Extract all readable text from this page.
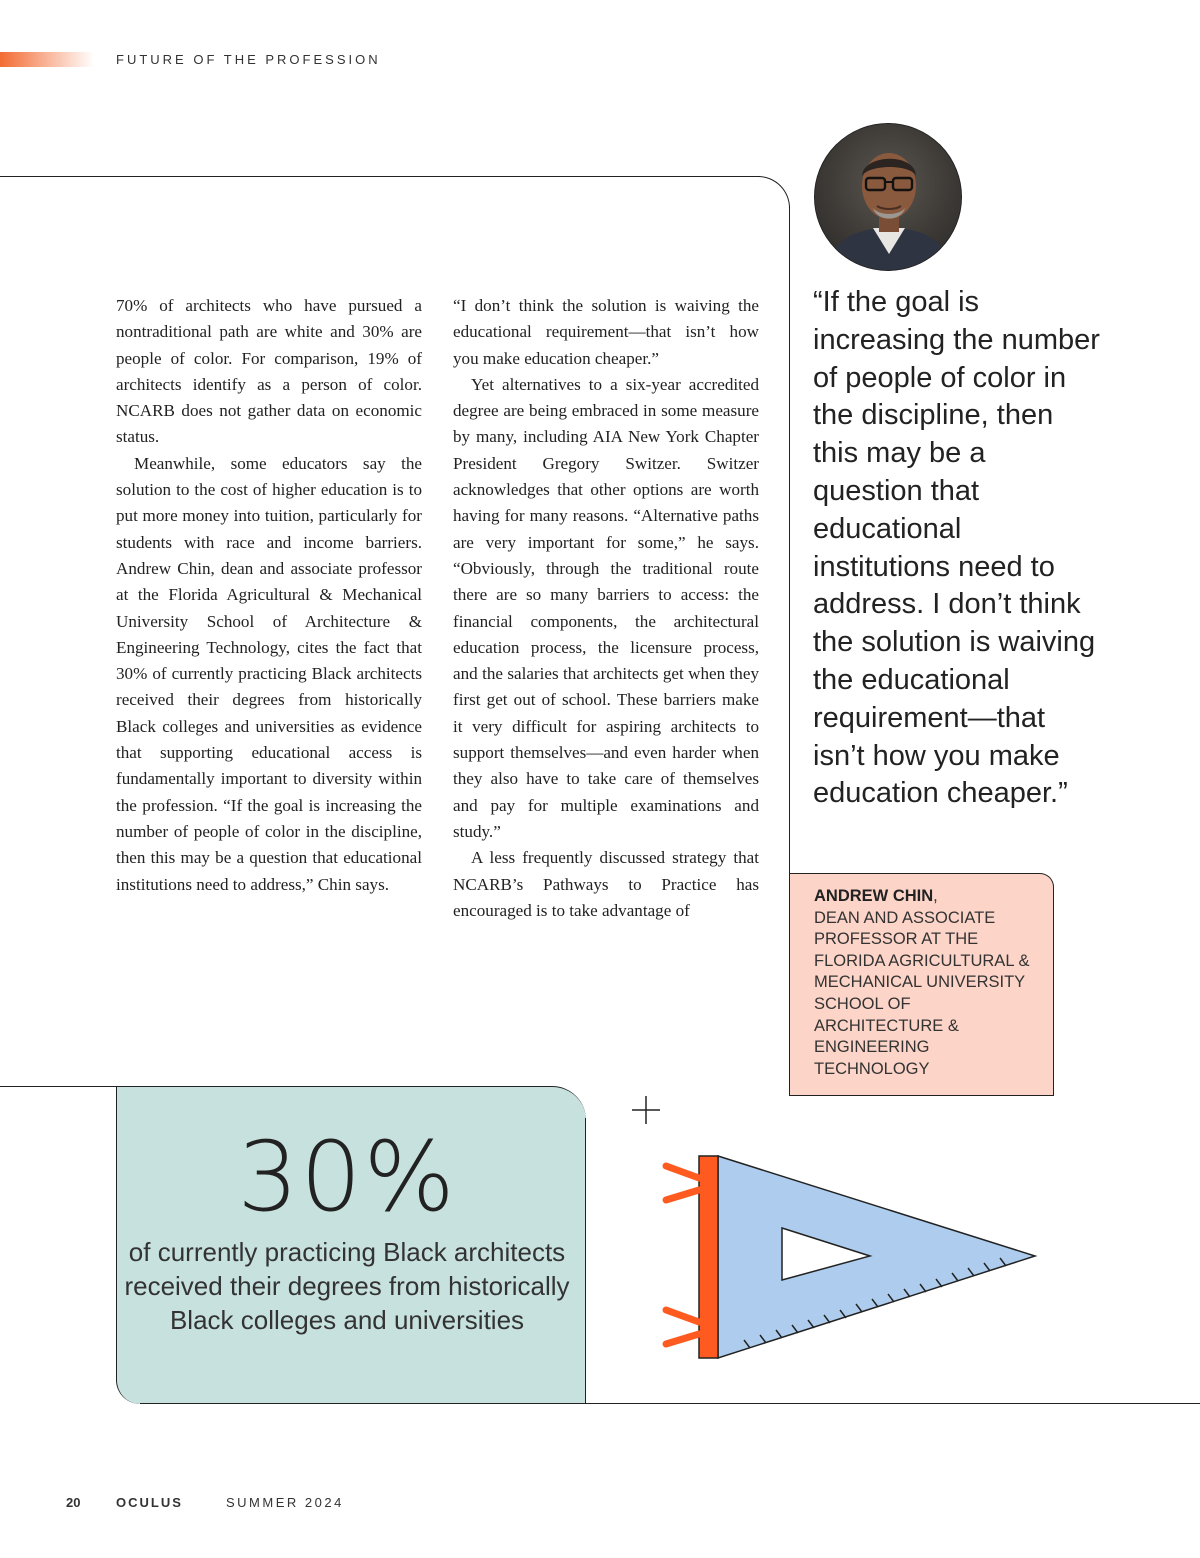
FUTURE OF THE PROFESSION

70% of architects who have pursued a nontraditional path are white and 30% are people of color. For comparison, 19% of architects identify as a person of color. NCARB does not gather data on economic status.

Meanwhile, some educators say the solution to the cost of higher education is to put more money into tuition, particularly for students with race and income barriers. Andrew Chin, dean and associate professor at the Florida Agricultural & Mechanical University School of Architecture & Engineering Technology, cites the fact that 30% of currently practicing Black architects received their degrees from historically Black colleges and universities as evidence that supporting educational access is fundamentally important to diversity within the profession. “If the goal is increasing the number of people of color in the discipline, then this may be a question that educational institutions need to address,” Chin says.

“I don’t think the solution is waiving the educational requirement—that isn’t how you make education cheaper.”

Yet alternatives to a six-year accredited degree are being embraced in some measure by many, including AIA New York Chapter President Gregory Switzer. Switzer acknowledges that other options are worth having for many reasons. “Alternative paths are very important for some,” he says. “Obviously, through the traditional route there are so many barriers to access: the financial components, the architectural education process, the licensure process, and the salaries that architects get when they first get out of school. These barriers make it very difficult for aspiring architects to support themselves—and even harder when they also have to take care of themselves and pay for multiple examinations and study.”

A less frequently discussed strategy that NCARB’s Pathways to Practice has encouraged is to take advantage of

“If the goal is increasing the number of people of color in the discipline, then this may be a question that educational institutions need to address. I don’t think the solution is waiving the educational requirement—that isn’t how you make education cheaper.”

ANDREW CHIN,
DEAN AND ASSOCIATE PROFESSOR AT THE FLORIDA AGRICULTURAL & MECHANICAL UNIVERSITY SCHOOL OF ARCHITECTURE & ENGINEERING TECHNOLOGY
30%
of currently practicing Black architects received their degrees from historically Black colleges and universities
20	OCULUS	SUMMER 2024
